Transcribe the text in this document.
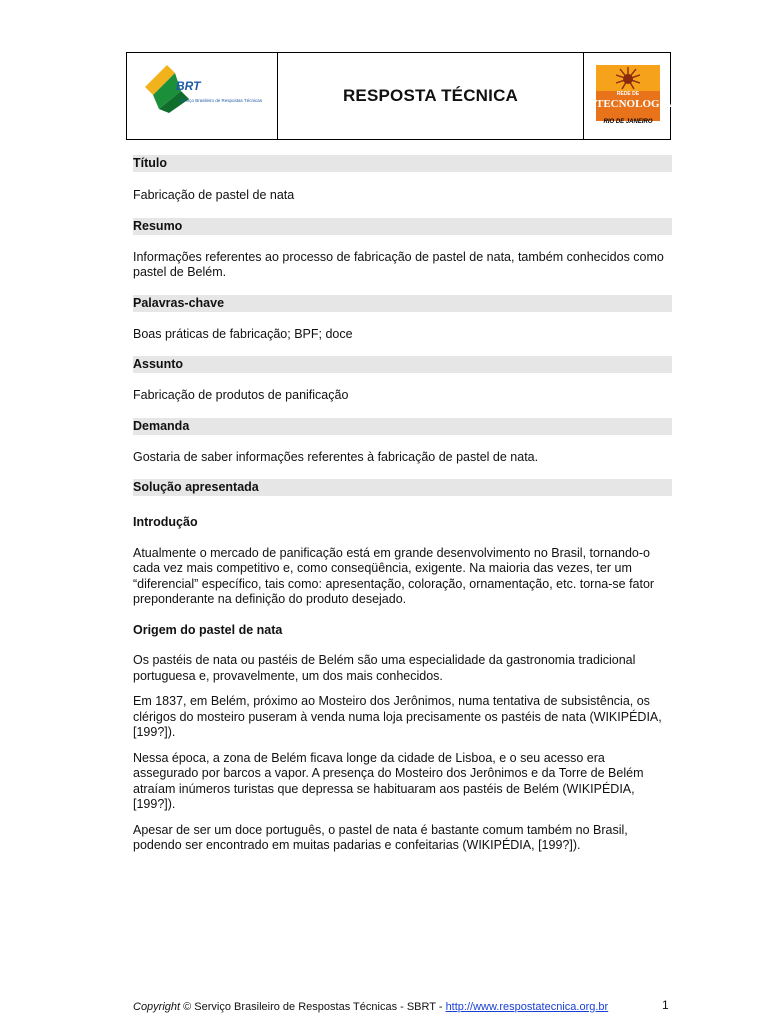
BRT
Serviço Brasileiro de Respostas Técnicas	RESPOSTA TÉCNICA	REDE DE
TECNOLOGIA
RIO DE JANEIRO
Título

Fabricação de pastel de nata

Resumo

Informações referentes ao processo de fabricação de pastel de nata, também conhecidos como pastel de Belém.

Palavras-chave

Boas práticas de fabricação; BPF; doce

Assunto

Fabricação de produtos de panificação

Demanda

Gostaria de saber informações referentes à fabricação de pastel de nata.

Solução apresentada

Introdução

Atualmente o mercado de panificação está em grande desenvolvimento no Brasil, tornando-o cada vez mais competitivo e, como conseqüência, exigente. Na maioria das vezes, ter um “diferencial” específico, tais como: apresentação, coloração, ornamentação, etc. torna-se fator preponderante na definição do produto desejado.

Origem do pastel de nata

Os pastéis de nata ou pastéis de Belém são uma especialidade da gastronomia tradicional portuguesa e, provavelmente, um dos mais conhecidos.

Em 1837, em Belém, próximo ao Mosteiro dos Jerônimos, numa tentativa de subsistência, os clérigos do mosteiro puseram à venda numa loja precisamente os pastéis de nata (WIKIPÉDIA, [199?]).

Nessa época, a zona de Belém ficava longe da cidade de Lisboa, e o seu acesso era assegurado por barcos a vapor. A presença do Mosteiro dos Jerônimos e da Torre de Belém atraíam inúmeros turistas que depressa se habituaram aos pastéis de Belém (WIKIPÉDIA, [199?]).

Apesar de ser um doce português, o pastel de nata é bastante comum também no Brasil, podendo ser encontrado em muitas padarias e confeitarias (WIKIPÉDIA, [199?]).

Copyright © Serviço Brasileiro de Respostas Técnicas - SBRT - http://www.respostatecnica.org.br	1
